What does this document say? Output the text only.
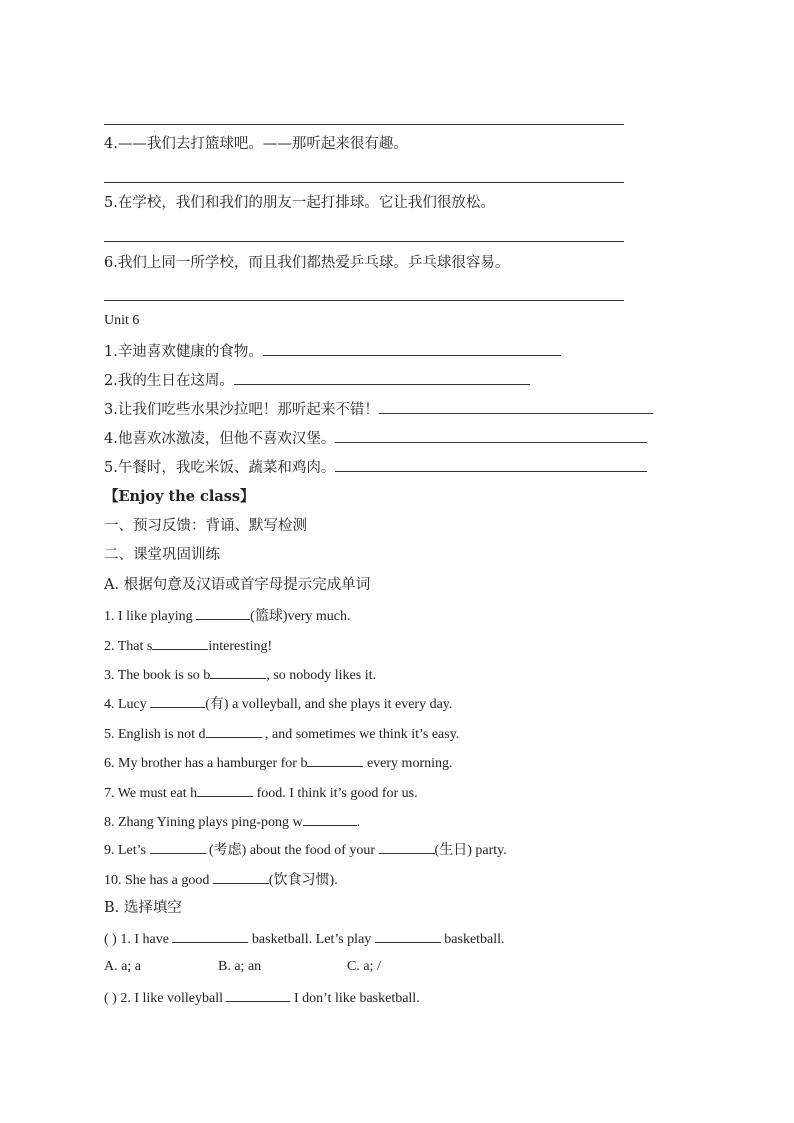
4.——我们去打篮球吧。——那听起来很有趣。
5.在学校，我们和我们的朋友一起打排球。它让我们很放松。
6.我们上同一所学校，而且我们都热爱乒乓球。乒乓球很容易。
Unit 6
1.辛迪喜欢健康的食物。
2.我的生日在这周。
3.让我们吃些水果沙拉吧！那听起来不错！
4.他喜欢冰激凌，但他不喜欢汉堡。
5.午餐时，我吃米饭、蔬菜和鸡肉。
【Enjoy the class】
一、预习反馈：背诵、默写检测
二、课堂巩固训练
A. 根据句意及汉语或首字母提示完成单词
1. I like playing	(篮球)very much.
2. That s	interesting!
3. The book is so b	, so nobody likes it.
4. Lucy	(有) a volleyball, and she plays it every day.
5. English is not d	, and sometimes we think it’s easy.
6. My brother has a hamburger for b	every morning.
7. We must eat h	food. I think it’s good for us.
8. Zhang Yining plays ping-pong w	.
9. Let’s	(考虑) about the food of your	(生日) party.
10. She has a good	(饮食习惯).
B. 选择填空
( ) 1. I have	basketball. Let’s play	basketball.
A. a; a	B. a; an	C. a; /
( ) 2. I like volleyball	I don’t like basketball.
